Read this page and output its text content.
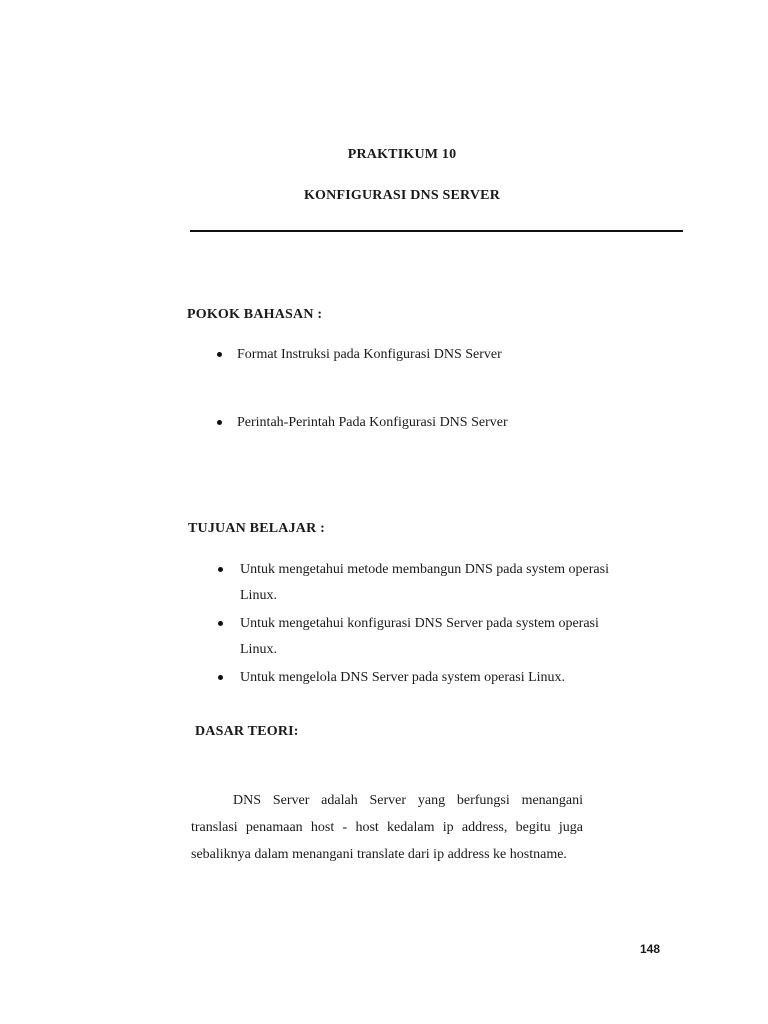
PRAKTIKUM 10
KONFIGURASI DNS SERVER
POKOK BAHASAN :
Format Instruksi pada Konfigurasi DNS Server
Perintah-Perintah Pada Konfigurasi DNS Server
TUJUAN BELAJAR :
Untuk mengetahui metode membangun DNS pada system operasi
Linux.
Untuk mengetahui konfigurasi DNS Server pada system operasi
Linux.
Untuk mengelola DNS Server pada system operasi Linux.
DASAR TEORI:

DNS Server adalah Server yang berfungsi menangani translasi penamaan host - host kedalam ip address, begitu juga sebaliknya dalam menangani translate dari ip address ke hostname.

148
